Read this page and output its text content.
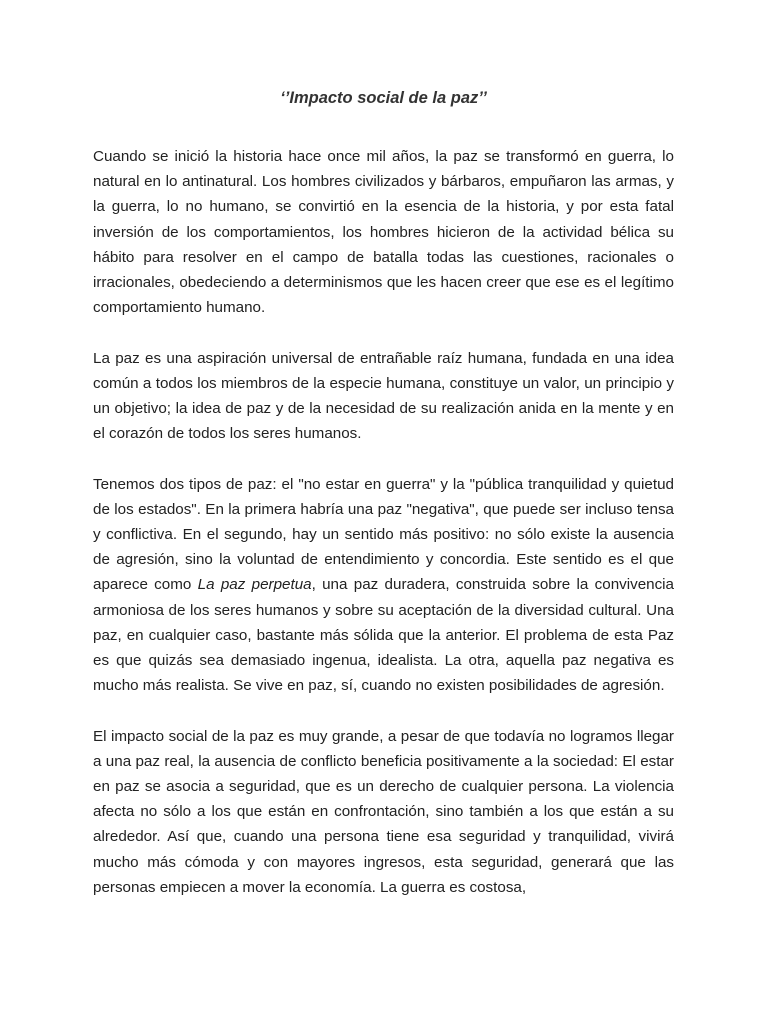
‘’Impacto social de la paz’’

Cuando se inició la historia hace once mil años, la paz se transformó en guerra, lo natural en lo antinatural. Los hombres civilizados y bárbaros, empuñaron las armas, y la guerra, lo no humano, se convirtió en la esencia de la historia, y por esta fatal inversión de los comportamientos, los hombres hicieron de la actividad bélica su hábito para resolver en el campo de batalla todas las cuestiones, racionales o irracionales, obedeciendo a determinismos que les hacen creer que ese es el legítimo comportamiento humano.

La paz es una aspiración universal de entrañable raíz humana, fundada en una idea común a todos los miembros de la especie humana, constituye un valor, un principio y un objetivo; la idea de paz y de la necesidad de su realización anida en la mente y en el corazón de todos los seres humanos.

Tenemos dos tipos de paz: el "no estar en guerra" y la "pública tranquilidad y quietud de los estados". En la primera habría una paz "negativa", que puede ser incluso tensa y conflictiva. En el segundo, hay un sentido más positivo: no sólo existe la ausencia de agresión, sino la voluntad de entendimiento y concordia. Este sentido es el que aparece como La paz perpetua, una paz duradera, construida sobre la convivencia armoniosa de los seres humanos y sobre su aceptación de la diversidad cultural. Una paz, en cualquier caso, bastante más sólida que la anterior. El problema de esta Paz es que quizás sea demasiado ingenua, idealista. La otra, aquella paz negativa es mucho más realista. Se vive en paz, sí, cuando no existen posibilidades de agresión.

El impacto social de la paz es muy grande, a pesar de que todavía no logramos llegar a una paz real, la ausencia de conflicto beneficia positivamente a la sociedad: El estar en paz se asocia a seguridad, que es un derecho de cualquier persona. La violencia afecta no sólo a los que están en confrontación, sino también a los que están a su alrededor. Así que, cuando una persona tiene esa seguridad y tranquilidad, vivirá mucho más cómoda y con mayores ingresos, esta seguridad, generará que las personas empiecen a mover la economía. La guerra es costosa,
